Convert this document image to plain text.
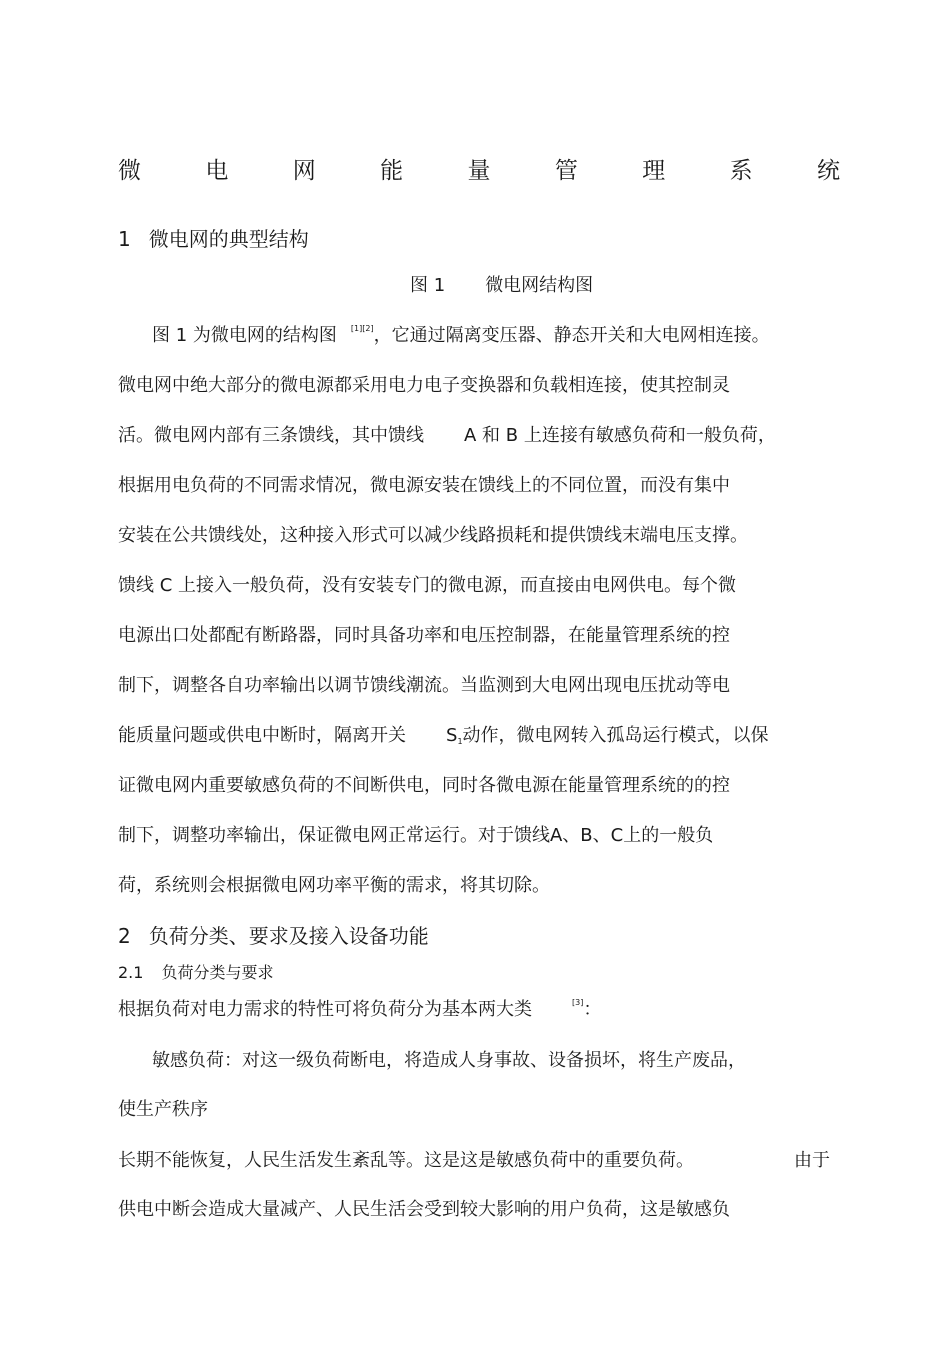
微	电	网	能	量	管	理	系	统
1 微电网的典型结构
图 1 微电网结构图
图 1 为微电网的结构图 [1][2]，它通过隔离变压器、静态开关和大电网相连接。
微电网中绝大部分的微电源都采用电力电子变换器和负载相连接，使其控制灵
活。微电网内部有三条馈线，其中馈线 A 和 B 上连接有敏感负荷和一般负荷，
根据用电负荷的不同需求情况，微电源安装在馈线上的不同位置，而没有集中
安装在公共馈线处，这种接入形式可以减少线路损耗和提供馈线末端电压支撑。
馈线 C 上接入一般负荷，没有安装专门的微电源，而直接由电网供电。每个微
电源出口处都配有断路器，同时具备功率和电压控制器，在能量管理系统的控
制下，调整各自功率输出以调节馈线潮流。当监测到大电网出现电压扰动等电
能质量问题或供电中断时，隔离开关 $S_1$动作，微电网转入孤岛运行模式，以保
证微电网内重要敏感负荷的不间断供电，同时各微电源在能量管理系统的的控
制下，调整功率输出，保证微电网正常运行。对于馈线A、B、C上的一般负
荷，系统则会根据微电网功率平衡的需求，将其切除。
2 负荷分类、要求及接入设备功能
2.1 负荷分类与要求
根据负荷对电力需求的特性可将负荷分为基本两大类	[3]：
敏感负荷：对这一级负荷断电，将造成人身事故、设备损坏，将生产废品，
使生产秩序
长期不能恢复，人民生活发生紊乱等。这是这是敏感负荷中的重要负荷。	由于
供电中断会造成大量减产、人民生活会受到较大影响的用户负荷，这是敏感负
